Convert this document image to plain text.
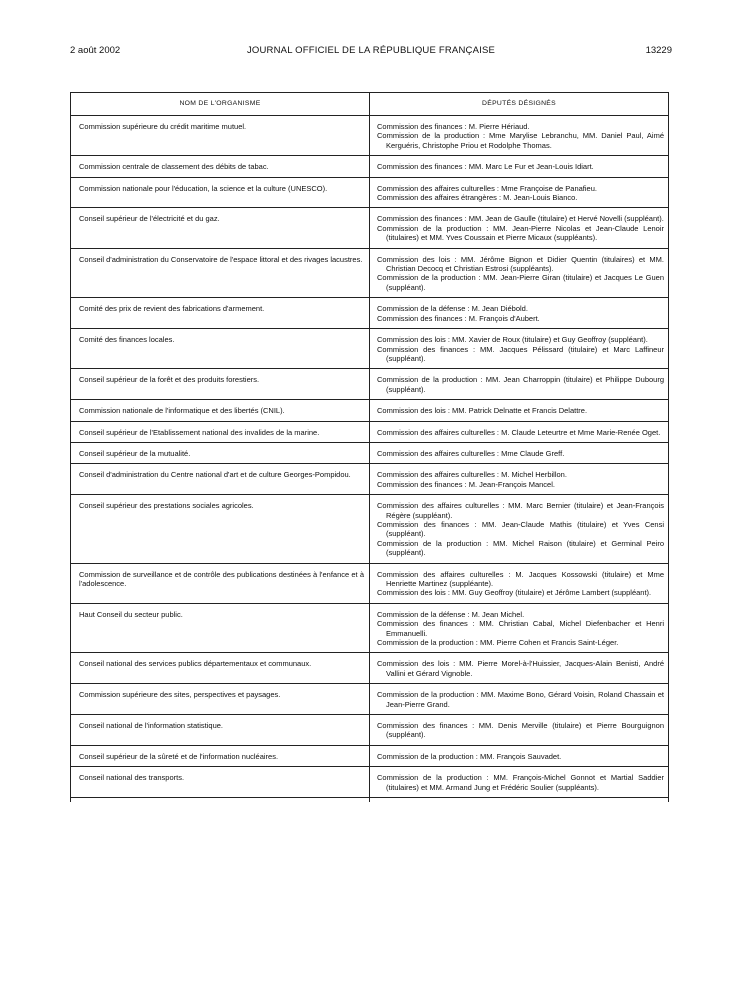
2 août 2002	JOURNAL OFFICIEL DE LA RÉPUBLIQUE FRANÇAISE	13229
NOM DE L'ORGANISME	DÉPUTÉS DÉSIGNÉS
Commission supérieure du crédit maritime mutuel.	Commission des finances : M. Pierre Hériaud.
Commission de la production : Mme Marylise Lebranchu, MM. Daniel Paul, Aimé Kerguéris, Christophe Priou et Rodolphe Thomas.

Commission centrale de classement des débits de tabac.	Commission des finances : MM. Marc Le Fur et Jean-Louis Idiart.

Commission nationale pour l'éducation, la science et la culture (UNESCO).	Commission des affaires culturelles : Mme Françoise de Panafieu.
Commission des affaires étrangères : M. Jean-Louis Bianco.

Conseil supérieur de l'électricité et du gaz.	Commission des finances : MM. Jean de Gaulle (titulaire) et Hervé Novelli (suppléant).
Commission de la production : MM. Jean-Pierre Nicolas et Jean-Claude Lenoir (titulaires) et MM. Yves Coussain et Pierre Micaux (suppléants).

Conseil d'administration du Conservatoire de l'espace littoral et des rivages lacustres.	Commission des lois : MM. Jérôme Bignon et Didier Quentin (titulaires) et MM. Christian Decocq et Christian Estrosi (suppléants).
Commission de la production : MM. Jean-Pierre Giran (titulaire) et Jacques Le Guen (suppléant).

Comité des prix de revient des fabrications d'armement.	Commission de la défense : M. Jean Diébold.
Commission des finances : M. François d'Aubert.

Comité des finances locales.	Commission des lois : MM. Xavier de Roux (titulaire) et Guy Geoffroy (suppléant).
Commission des finances : MM. Jacques Pélissard (titulaire) et Marc Laffineur (suppléant).

Conseil supérieur de la forêt et des produits forestiers.	Commission de la production : MM. Jean Charroppin (titulaire) et Philippe Dubourg (suppléant).

Commission nationale de l'informatique et des libertés (CNIL).	Commission des lois : MM. Patrick Delnatte et Francis Delattre.

Conseil supérieur de l'Etablissement national des invalides de la marine.	Commission des affaires culturelles : M. Claude Leteurtre et Mme Marie-Renée Oget.

Conseil supérieur de la mutualité.	Commission des affaires culturelles : Mme Claude Greff.

Conseil d'administration du Centre national d'art et de culture Georges-Pompidou.	Commission des affaires culturelles : M. Michel Herbillon.
Commission des finances : M. Jean-François Mancel.

Conseil supérieur des prestations sociales agricoles.	Commission des affaires culturelles : MM. Marc Bernier (titulaire) et Jean-François Régère (suppléant).
Commission des finances : MM. Jean-Claude Mathis (titulaire) et Yves Censi (suppléant).
Commission de la production : MM. Michel Raison (titulaire) et Germinal Peiro (suppléant).

Commission de surveillance et de contrôle des publications destinées à l'enfance et à l'adolescence.	Commission des affaires culturelles : M. Jacques Kossowski (titulaire) et Mme Henriette Martinez (suppléante).
Commission des lois : MM. Guy Geoffroy (titulaire) et Jérôme Lambert (suppléant).

Haut Conseil du secteur public.	Commission de la défense : M. Jean Michel.
Commission des finances : MM. Christian Cabal, Michel Diefenbacher et Henri Emmanuelli.
Commission de la production : MM. Pierre Cohen et Francis Saint-Léger.

Conseil national des services publics départementaux et communaux.	Commission des lois : MM. Pierre Morel-à-l'Huissier, Jacques-Alain Benisti, André Vallini et Gérard Vignoble.

Commission supérieure des sites, perspectives et paysages.	Commission de la production : MM. Maxime Bono, Gérard Voisin, Roland Chassain et Jean-Pierre Grand.

Conseil national de l'information statistique.	Commission des finances : MM. Denis Merville (titulaire) et Pierre Bourguignon (suppléant).

Conseil supérieur de la sûreté et de l'information nucléaires.	Commission de la production : MM. François Sauvadet.

Conseil national des transports.	Commission de la production : MM. François-Michel Gonnot et Martial Saddier (titulaires) et MM. Armand Jung et Frédéric Soulier (suppléants).
